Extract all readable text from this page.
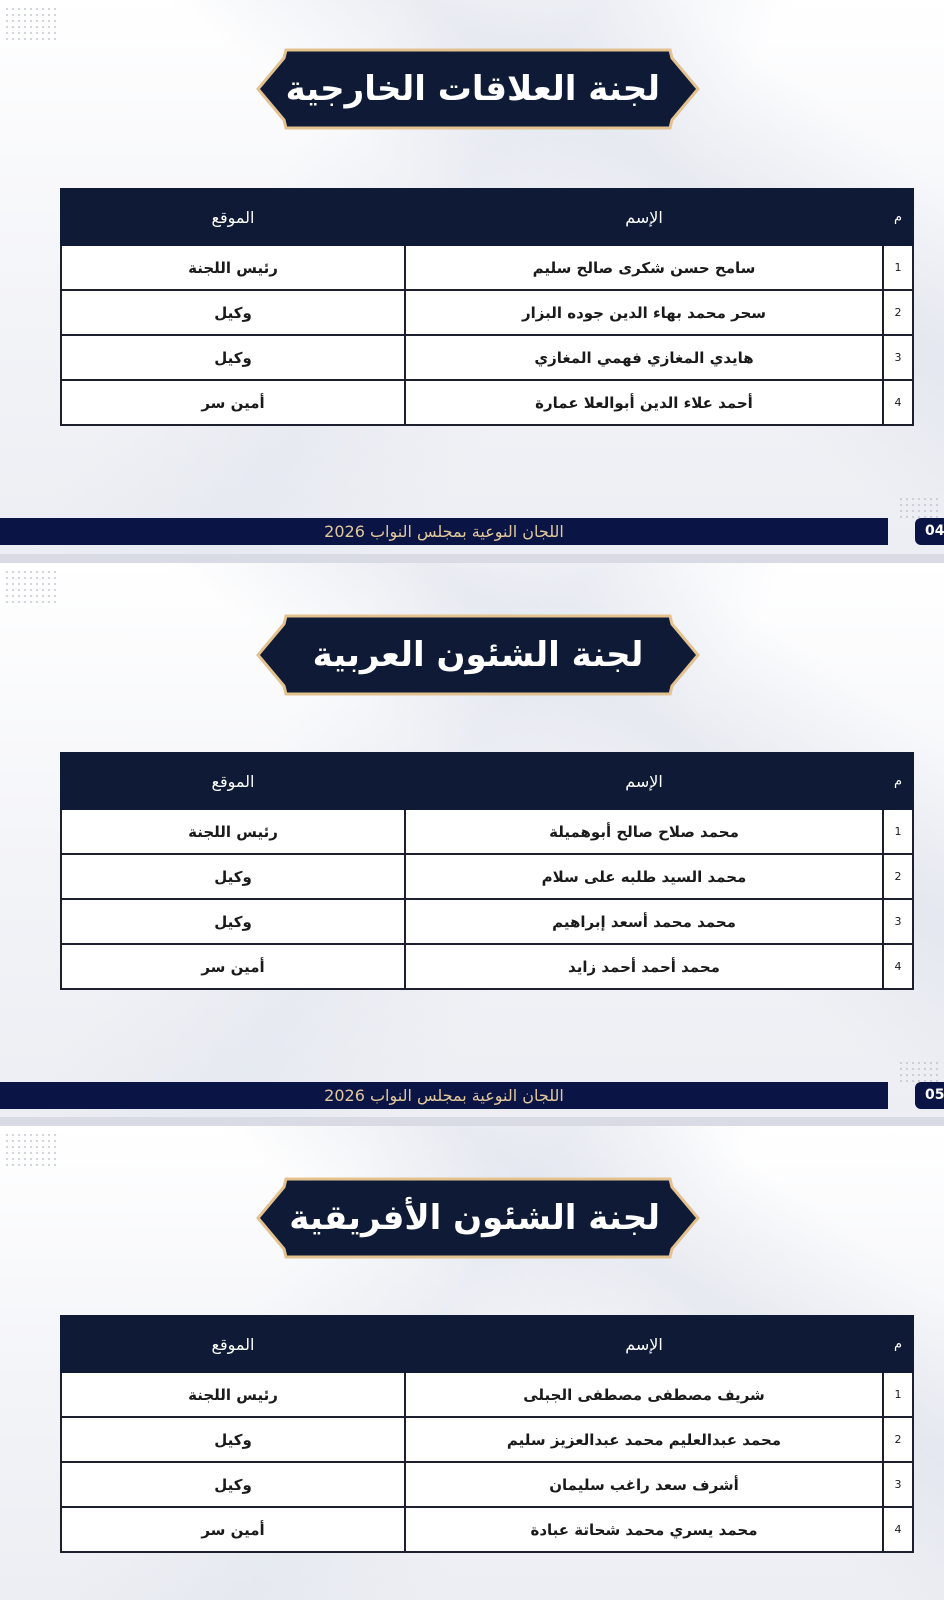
لجنة العلاقات الخارجية
م	الإسم	الموقع
1	سامح حسن شكرى صالح سليم	رئيس اللجنة
2	سحر محمد بهاء الدين جوده البزار	وكيل
3	هايدي المغازي فهمي المغازي	وكيل
4	أحمد علاء الدين أبوالعلا عمارة	أمين سر
اللجان النوعية بمجلس النواب 2026	04
لجنة الشئون العربية
م	الإسم	الموقع
1	محمد صلاح صالح أبوهميلة	رئيس اللجنة
2	محمد السيد طلبه على سلام	وكيل
3	محمد محمد أسعد إبراهيم	وكيل
4	محمد أحمد أحمد زايد	أمين سر
اللجان النوعية بمجلس النواب 2026	05
لجنة الشئون الأفريقية
م	الإسم	الموقع
1	شريف مصطفى مصطفى الجبلى	رئيس اللجنة
2	محمد عبدالعليم محمد عبدالعزيز سليم	وكيل
3	أشرف سعد راغب سليمان	وكيل
4	محمد يسري محمد شحاتة عبادة	أمين سر
